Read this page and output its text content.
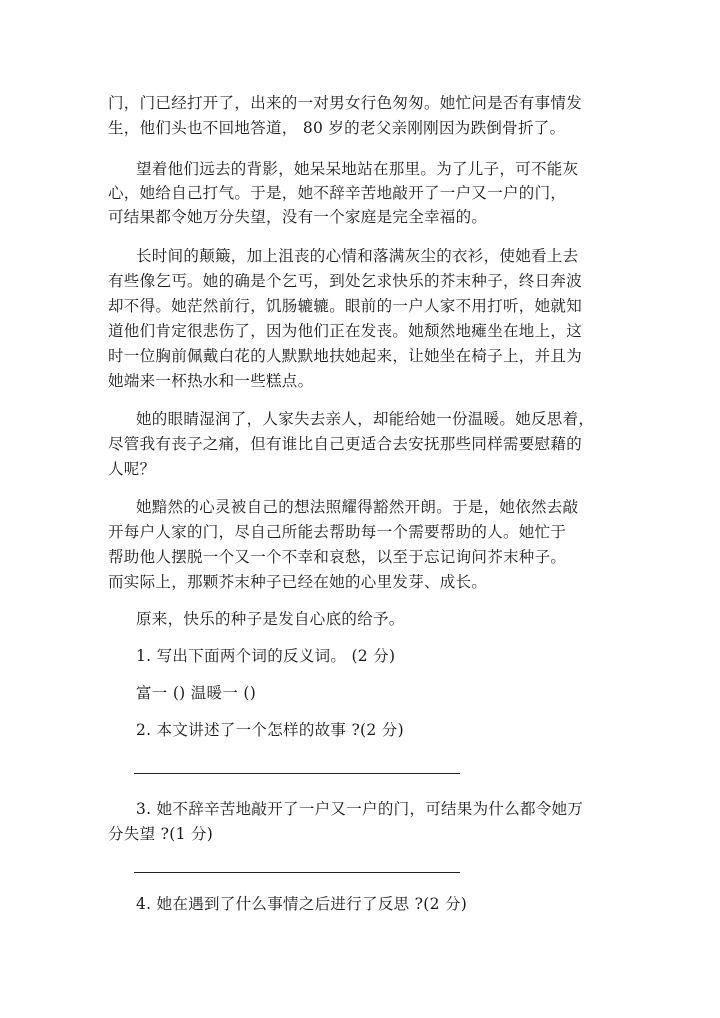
门，门已经打开了，出来的一对男女行色匆匆。她忙问是否有事情发
生，他们头也不回地答道， 80 岁的老父亲刚刚因为跌倒骨折了。
望着他们远去的背影，她呆呆地站在那里。为了儿子，可不能灰
心，她给自己打气。于是，她不辞辛苦地敲开了一户又一户的门，
可结果都令她万分失望，没有一个家庭是完全幸福的。
长时间的颠簸，加上沮丧的心情和落满灰尘的衣衫，使她看上去
有些像乞丐。她的确是个乞丐，到处乞求快乐的芥末种子，终日奔波
却不得。她茫然前行，饥肠辘辘。眼前的一户人家不用打听，她就知
道他们肯定很悲伤了，因为他们正在发丧。她颓然地瘫坐在地上，这
时一位胸前佩戴白花的人默默地扶她起来，让她坐在椅子上，并且为
她端来一杯热水和一些糕点。
她的眼睛湿润了，人家失去亲人，却能给她一份温暖。她反思着，
尽管我有丧子之痛，但有谁比自己更适合去安抚那些同样需要慰藉的
人呢？
她黯然的心灵被自己的想法照耀得豁然开朗。于是，她依然去敲
开每户人家的门，尽自己所能去帮助每一个需要帮助的人。她忙于
帮助他人摆脱一个又一个不幸和哀愁，以至于忘记询问芥末种子。
而实际上，那颗芥末种子已经在她的心里发芽、成长。
原来，快乐的种子是发自心底的给予。
1. 写出下面两个词的反义词。 (2 分)
富一 () 温暖一 ()
2. 本文讲述了一个怎样的故事 ?(2 分)
3. 她不辞辛苦地敲开了一户又一户的门，可结果为什么都令她万
分失望 ?(1 分)
4. 她在遇到了什么事情之后进行了反思 ?(2 分)
